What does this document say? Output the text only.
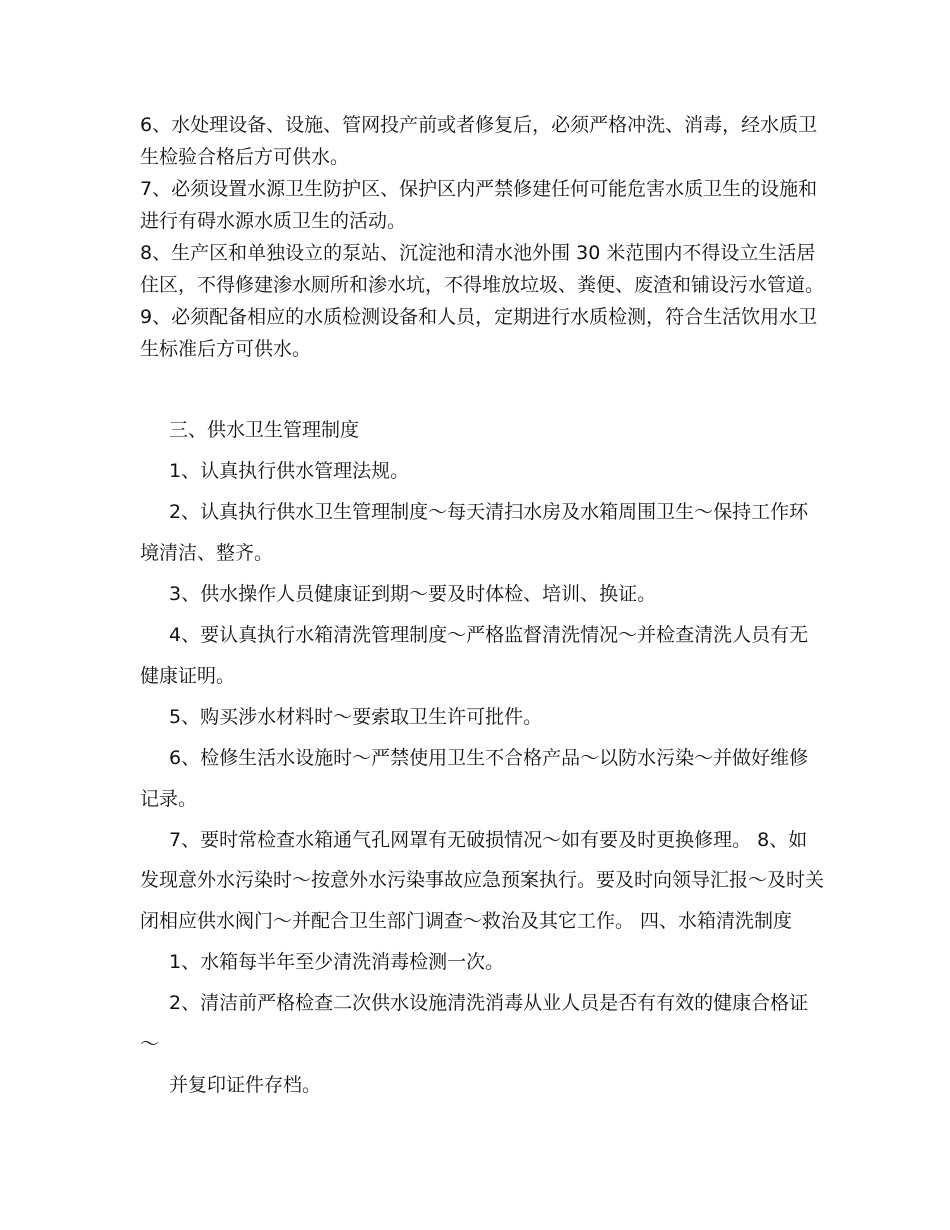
6、水处理设备、设施、管网投产前或者修复后，必须严格冲洗、消毒，经水质卫
生检验合格后方可供水。
7、必须设置水源卫生防护区、保护区内严禁修建任何可能危害水质卫生的设施和
进行有碍水源水质卫生的活动。
8、生产区和单独设立的泵站、沉淀池和清水池外围 30 米范围内不得设立生活居
住区，不得修建渗水厕所和渗水坑，不得堆放垃圾、粪便、废渣和铺设污水管道。
9、必须配备相应的水质检测设备和人员，定期进行水质检测，符合生活饮用水卫
生标准后方可供水。
三、供水卫生管理制度
1、认真执行供水管理法规。
2、认真执行供水卫生管理制度～每天清扫水房及水箱周围卫生～保持工作环
境清洁、整齐。
3、供水操作人员健康证到期～要及时体检、培训、换证。
4、要认真执行水箱清洗管理制度～严格监督清洗情况～并检查清洗人员有无
健康证明。
5、购买涉水材料时～要索取卫生许可批件。
6、检修生活水设施时～严禁使用卫生不合格产品～以防水污染～并做好维修
记录。
7、要时常检查水箱通气孔网罩有无破损情况～如有要及时更换修理。 8、如
发现意外水污染时～按意外水污染事故应急预案执行。要及时向领导汇报～及时关
闭相应供水阀门～并配合卫生部门调查～救治及其它工作。 四、水箱清洗制度
1、水箱每半年至少清洗消毒检测一次。
2、清洁前严格检查二次供水设施清洗消毒从业人员是否有有效的健康合格证
～
并复印证件存档。
